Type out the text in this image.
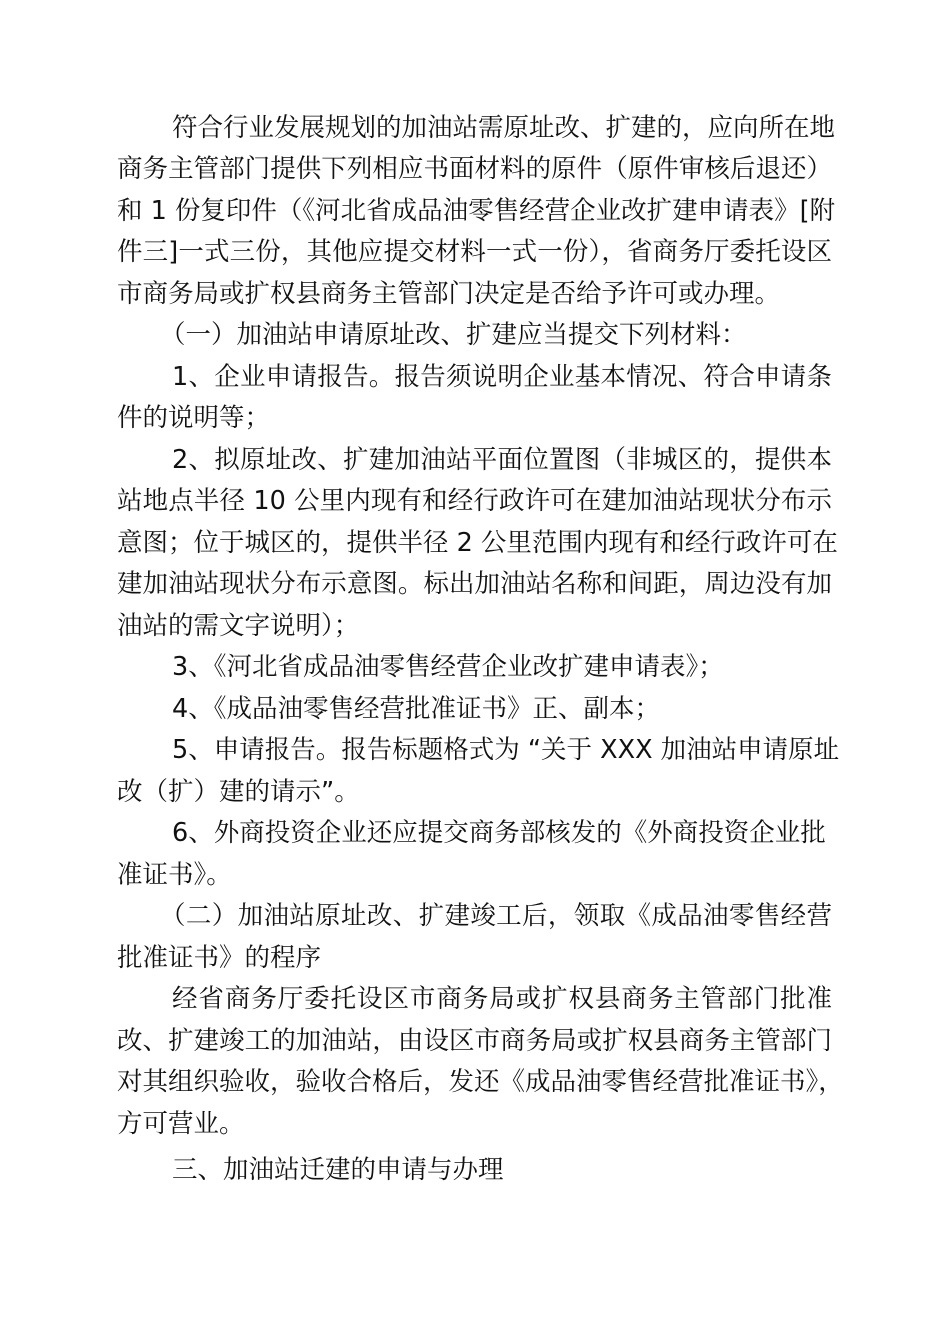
符合行业发展规划的加油站需原址改、扩建的，应向所在地
商务主管部门提供下列相应书面材料的原件（原件审核后退还）
和 1 份复印件（《河北省成品油零售经营企业改扩建申请表》[附
件三]一式三份，其他应提交材料一式一份），省商务厅委托设区
市商务局或扩权县商务主管部门决定是否给予许可或办理。
（一）加油站申请原址改、扩建应当提交下列材料：
1、企业申请报告。报告须说明企业基本情况、符合申请条
件的说明等；
2、拟原址改、扩建加油站平面位置图（非城区的，提供本
站地点半径 10 公里内现有和经行政许可在建加油站现状分布示
意图；位于城区的，提供半径 2 公里范围内现有和经行政许可在
建加油站现状分布示意图。标出加油站名称和间距，周边没有加
油站的需文字说明）；
3、《河北省成品油零售经营企业改扩建申请表》；
4、《成品油零售经营批准证书》正、副本；
5、申请报告。报告标题格式为 “关于 XXX 加油站申请原址
改（扩）建的请示”。
6、外商投资企业还应提交商务部核发的《外商投资企业批
准证书》。
（二）加油站原址改、扩建竣工后，领取《成品油零售经营
批准证书》的程序
经省商务厅委托设区市商务局或扩权县商务主管部门批准
改、扩建竣工的加油站，由设区市商务局或扩权县商务主管部门
对其组织验收，验收合格后，发还《成品油零售经营批准证书》，
方可营业。
三、加油站迁建的申请与办理
